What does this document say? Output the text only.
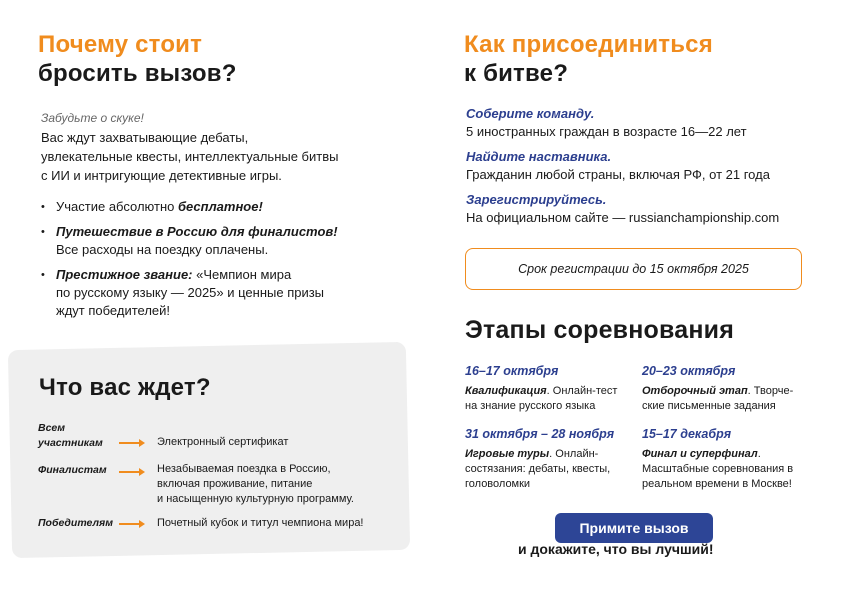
Почему стоит
бросить вызов?
Забудьте о скуке!
Вас ждут захватывающие дебаты,
увлекательные квесты, интеллектуальные битвы
с ИИ и интригующие детективные игры.
• Участие абсолютно бесплатное!
• Путешествие в Россию для финалистов!
Все расходы на поездку оплачены.
• Престижное звание: «Чемпион мира
по русскому языку — 2025» и ценные призы
ждут победителей!
Что вас ждет?
Всем
участникам	Электронный сертификат
Финалистам	Незабываемая поездка в Россию,
включая проживание, питание
и насыщенную культурную программу.
Победителям	Почетный кубок и титул чемпиона мира!
Как присоединиться
к битве?
Соберите команду.
5 иностранных граждан в возрасте 16—22 лет
Найдите наставника.
Гражданин любой страны, включая РФ, от 21 года
Зарегистрируйтесь.
На официальном сайте — russianchampionship.com
Срок регистрации до 15 октября 2025
Этапы соревнования
16–17 октября
Квалификация. Онлайн-тест
на знание русского языка
20–23 октября
Отборочный этап. Творче-
ские письменные задания
31 октября – 28 ноября
Игровые туры. Онлайн-
состязания: дебаты, квесты,
головоломки
15–17 декабря
Финал и суперфинал.
Масштабные соревнования в
реальном времени в Москве!
Примите вызов
и докажите, что вы лучший!
